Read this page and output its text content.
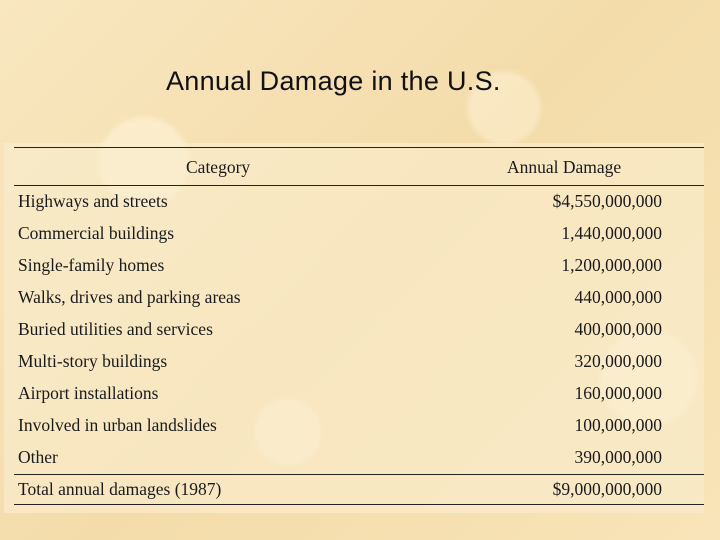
Annual Damage in the U.S.
Category	Annual Damage
Highways and streets	$4,550,000,000
Commercial buildings	1,440,000,000
Single-family homes	1,200,000,000
Walks, drives and parking areas	440,000,000
Buried utilities and services	400,000,000
Multi-story buildings	320,000,000
Airport installations	160,000,000
Involved in urban landslides	100,000,000
Other	390,000,000
Total annual damages (1987)	$9,000,000,000
